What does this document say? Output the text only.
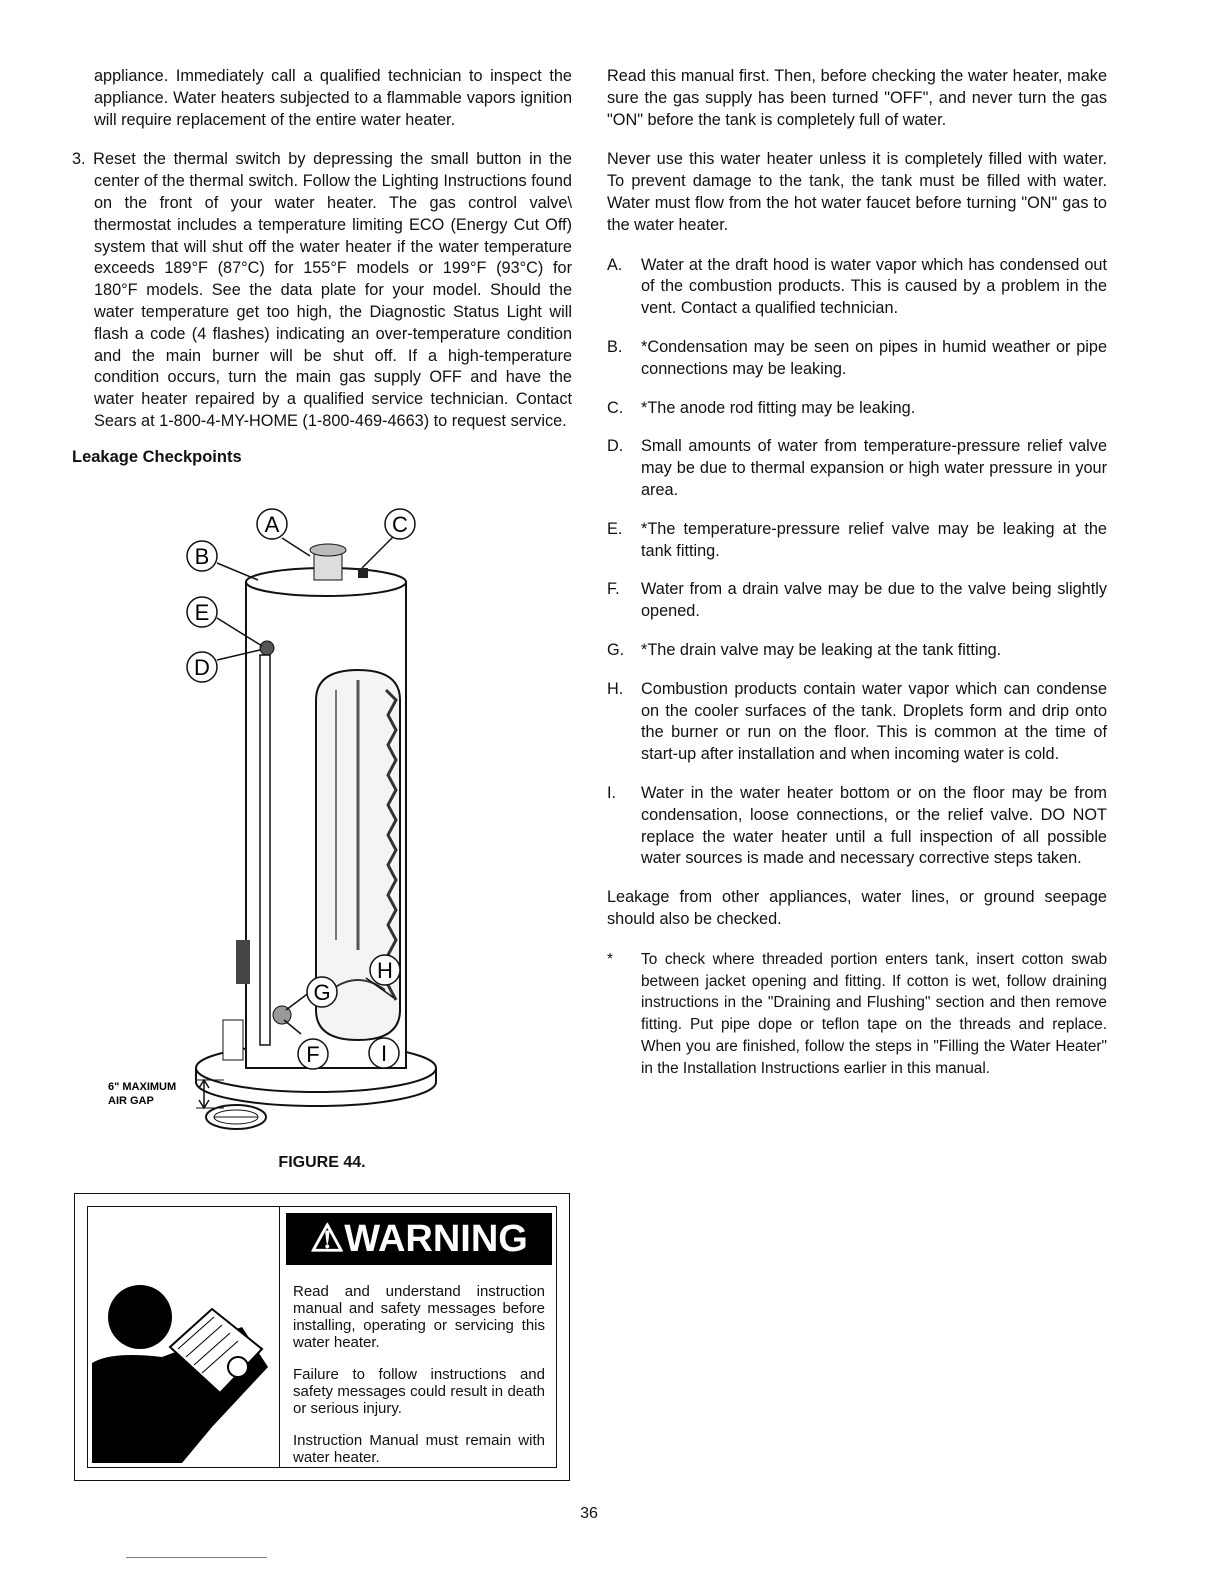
appliance. Immediately call a qualified technician to inspect the appliance. Water heaters subjected to a flammable vapors ignition will require replacement of the entire water heater.

3. Reset the thermal switch by depressing the small button in the center of the thermal switch. Follow the Lighting Instructions found on the front of your water heater. The gas control valve\ thermostat includes a temperature limiting ECO (Energy Cut Off) system that will shut off the water heater if the water temperature exceeds 189°F (87°C) for 155°F models or 199°F (93°C) for 180°F models. See the data plate for your model. Should the water temperature get too high, the Diagnostic Status Light will flash a code (4 flashes) indicating an over-temperature condition and the main burner will be shut off. If a high-temperature condition occurs, turn the main gas supply OFF and have the water heater repaired by a qualified service technician. Contact Sears at 1-800-4-MY-HOME (1-800-469-4663) to request service.

Leakage Checkpoints
A
B
C
D
E
F
G
H
I
6" MAXIMUM
AIR GAP
FIGURE 44.
⚠WARNING

Read and understand instruction manual and safety messages before installing, operating or servicing this water heater.

Failure to follow instructions and safety messages could result in death or serious injury.

Instruction Manual must remain with water heater.

Read this manual first. Then, before checking the water heater, make sure the gas supply has been turned "OFF", and never turn the gas "ON" before the tank is completely full of water.

Never use this water heater unless it is completely filled with water. To prevent damage to the tank, the tank must be filled with water. Water must flow from the hot water faucet before turning "ON" gas to the water heater.

A. Water at the draft hood is water vapor which has condensed out of the combustion products. This is caused by a problem in the vent. Contact a qualified technician.

B. *Condensation may be seen on pipes in humid weather or pipe connections may be leaking.

C. *The anode rod fitting may be leaking.

D. Small amounts of water from temperature-pressure relief valve may be due to thermal expansion or high water pressure in your area.

E. *The temperature-pressure relief valve may be leaking at the tank fitting.

F. Water from a drain valve may be due to the valve being slightly opened.

G. *The drain valve may be leaking at the tank fitting.

H. Combustion products contain water vapor which can condense on the cooler surfaces of the tank. Droplets form and drip onto the burner or run on the floor. This is common at the time of start-up after installation and when incoming water is cold.

I. Water in the water heater bottom or on the floor may be from condensation, loose connections, or the relief valve. DO NOT replace the water heater until a full inspection of all possible water sources is made and necessary corrective steps taken.

Leakage from other appliances, water lines, or ground seepage should also be checked.

* To check where threaded portion enters tank, insert cotton swab between jacket opening and fitting. If cotton is wet, follow draining instructions in the "Draining and Flushing" section and then remove fitting. Put pipe dope or teflon tape on the threads and replace. When you are finished, follow the steps in "Filling the Water Heater" in the Installation Instructions earlier in this manual.

36
